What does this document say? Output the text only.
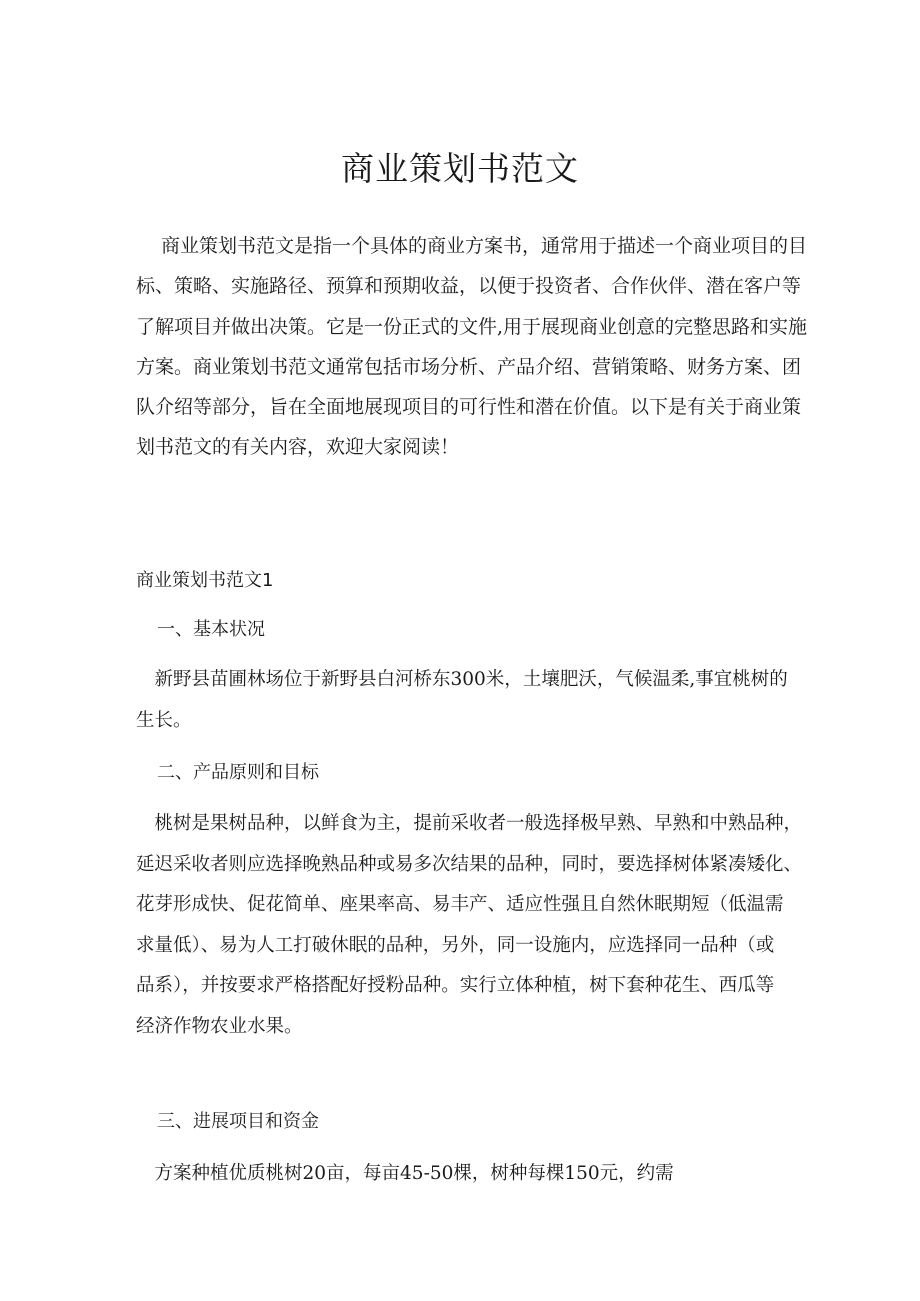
商业策划书范文
　 商业策划书范文是指一个具体的商业方案书，通常用于描述一个商业项目的目
标、策略、实施路径、预算和预期收益，以便于投资者、合作伙伴、潜在客户等
了解项目并做出决策。它是一份正式的文件,用于展现商业创意的完整思路和实施
方案。商业策划书范文通常包括市场分析、产品介绍、营销策略、财务方案、团
队介绍等部分，旨在全面地展现项目的可行性和潜在价值。以下是有关于商业策
划书范文的有关内容，欢迎大家阅读！
商业策划书范文1
一、基本状况
　新野县苗圃林场位于新野县白河桥东300米，土壤肥沃，气候温柔,事宜桃树的
生长。
二、产品原则和目标
　桃树是果树品种，以鲜食为主，提前采收者一般选择极早熟、早熟和中熟品种，
延迟采收者则应选择晚熟品种或易多次结果的品种，同时，要选择树体紧凑矮化、
花芽形成快、促花简单、座果率高、易丰产、适应性强且自然休眠期短（低温需
求量低）、易为人工打破休眠的品种，另外，同一设施内，应选择同一品种（或
品系），并按要求严格搭配好授粉品种。实行立体种植，树下套种花生、西瓜等
经济作物农业水果。
三、进展项目和资金
　方案种植优质桃树20亩，每亩45-50棵，树种每棵150元，约需
